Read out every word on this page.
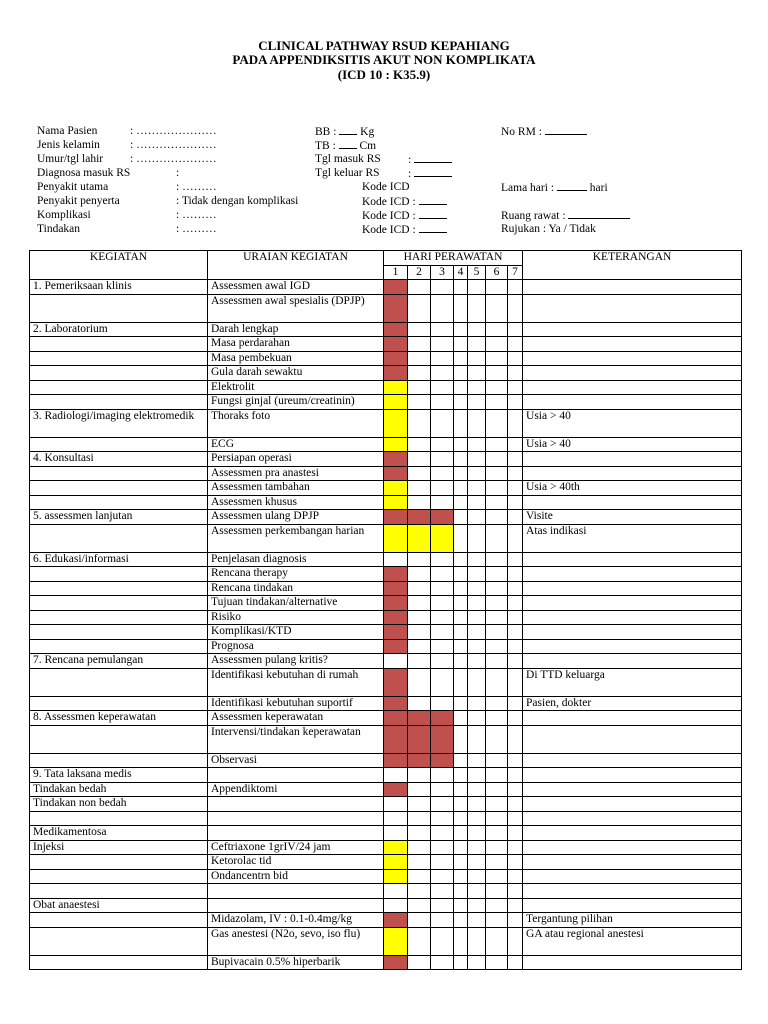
CLINICAL PATHWAY RSUD KEPAHIANG
PADA APPENDIKSITIS AKUT NON KOMPLIKATA
(ICD 10 : K35.9)
Nama Pasien	: …………………
Jenis kelamin	: …………………
Umur/tgl lahir : …………………
Diagnosa masuk RS	:
Penyakit utama	: ………
Penyakit penyerta	: Tidak dengan komplikasi
Komplikasi	: ………
Tindakan	: ………
BB : Kg
TB : Cm
Tgl masuk RS :
Tgl keluar RS :
Kode ICD
Kode ICD :
Kode ICD :
Kode ICD :
No RM :
Lama hari :	hari
Ruang rawat :
Rujukan : Ya / Tidak
KEGIATAN	URAIAN KEGIATAN	HARI PERAWATAN							KETERANGAN
		1	2	3	4	5	6	7	
1. Pemeriksaan klinis	Assessmen awal IGD								
	Assessmen awal spesialis (DPJP)								
2. Laboratorium	Darah lengkap								
	Masa perdarahan								
	Masa pembekuan								
	Gula darah sewaktu								
	Elektrolit								
	Fungsi ginjal (ureum/creatinin)								
3. Radiologi/imaging elektromedik	Thoraks foto								Usia > 40
	ECG								Usia > 40
4. Konsultasi	Persiapan operasi								
	Assessmen pra anastesi								
	Assessmen tambahan								Usia > 40th
	Assessmen khusus								
5. assessmen lanjutan	Assessmen ulang DPJP								Visite
	Assessmen perkembangan harian								Atas indikasi
6. Edukasi/informasi	Penjelasan diagnosis								
	Rencana therapy								
	Rencana tindakan								
	Tujuan tindakan/alternative								
	Risiko								
	Komplikasi/KTD								
	Prognosa								
7. Rencana pemulangan	Assessmen pulang kritis?								
	Identifikasi kebutuhan di rumah								Di TTD keluarga
	Identifikasi kebutuhan suportif								Pasien, dokter
8. Assessmen keperawatan	Assessmen keperawatan								
	Intervensi/tindakan keperawatan								
	Observasi								
9. Tata laksana medis									
Tindakan bedah	Appendiktomi								
Tindakan non bedah									

Medikamentosa									
Injeksi	Ceftriaxone 1grIV/24 jam								
	Ketorolac tid								
	Ondancentrn bid								

Obat anaestesi									
	Midazolam, IV : 0.1-0.4mg/kg								Tergantung pilihan
	Gas anestesi (N2o, sevo, iso flu)								GA atau regional anestesi
	Bupivacain 0.5% hiperbarik								
